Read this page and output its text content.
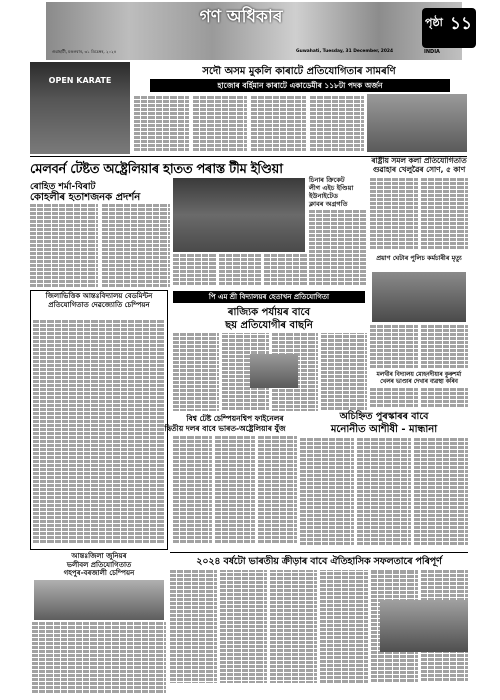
গণ অধিকাৰ
গুৱাহাটী, মঙলবাৰ, ৩১ ডিচেম্বৰ, ২০২৪	Guwahati, Tuesday, 31 December, 2024	INDIA
পৃষ্ঠা ১১
OPEN KARATE
সদৌ অসম মুকলি কাৰাটে প্ৰতিযোগিতাৰ সামৰণি
হাজোৰ বৰ্হিমান কাৰাটে একাডেমীৰ ১১৮টা পদক অৰ্জন
মেলবৰ্ন টেষ্টত অষ্ট্ৰেলিয়াৰ হাতত পৰাস্ত টীম ইণ্ডিয়া
ৰাষ্ট্ৰীয় সমল কলা প্ৰতিযোগিতাত গুৱাহাৰ খেলুৱৈৰ সোণ, ৫ কাণ
ৰোহিত শৰ্মা-বিৰাট
কোহলীৰ হতাশজনক প্ৰদৰ্শন
চিনাৰ ক্ৰিকেট
লীগ এইচ ইণ্ডিয়া ইউনাইটেড
ক্লাবৰ অগ্ৰগতি
প্ৰয়াণ ঘেটাৰ পুলিচ কৰ্মচাৰীৰ মৃত্যু
জিলাভিত্তিক আন্তঃবিদ্যালয় বেডমিন্টন প্ৰতিযোগিতাত দেৱজ্যোতি চেম্পিয়ন
পি এম শ্ৰী বিদ্যালয়ৰ হেতাখন প্ৰতিযোগিতা
ৰাজ্যিক পৰ্যায়ৰ বাবে
ছয় প্ৰতিযোগীৰ বাছনি
মলখীৰ বিদ্যালয় মোহনদীয়াৰ কুৰুশৰ্মা খেলৰ ভাণ্ডাৰ দেখাৰ ব্যৱস্থা কৰিব
অচিহ্নিত পুৰস্কাৰৰ বাবে
মনোনীত আশীষী - মান্ধানা
বিশ্ব টেষ্ট চেম্পিয়নশ্বিপ ফাইনেলৰ
দ্বিতীয় দলৰ বাবে ভাৰত-অষ্ট্ৰেলিয়াৰ যুঁজ
আন্তঃজিলা জুনিয়ৰ
ভলীবল প্ৰতিযোগিতাত
গহপুৰ-বৰজালী চেম্পিয়ন
২০২৪ বৰ্ষটো ভাৰতীয় ক্ৰীড়াৰ বাবে ঐতিহাসিক সফলতাৰে পৰিপূৰ্ণ
